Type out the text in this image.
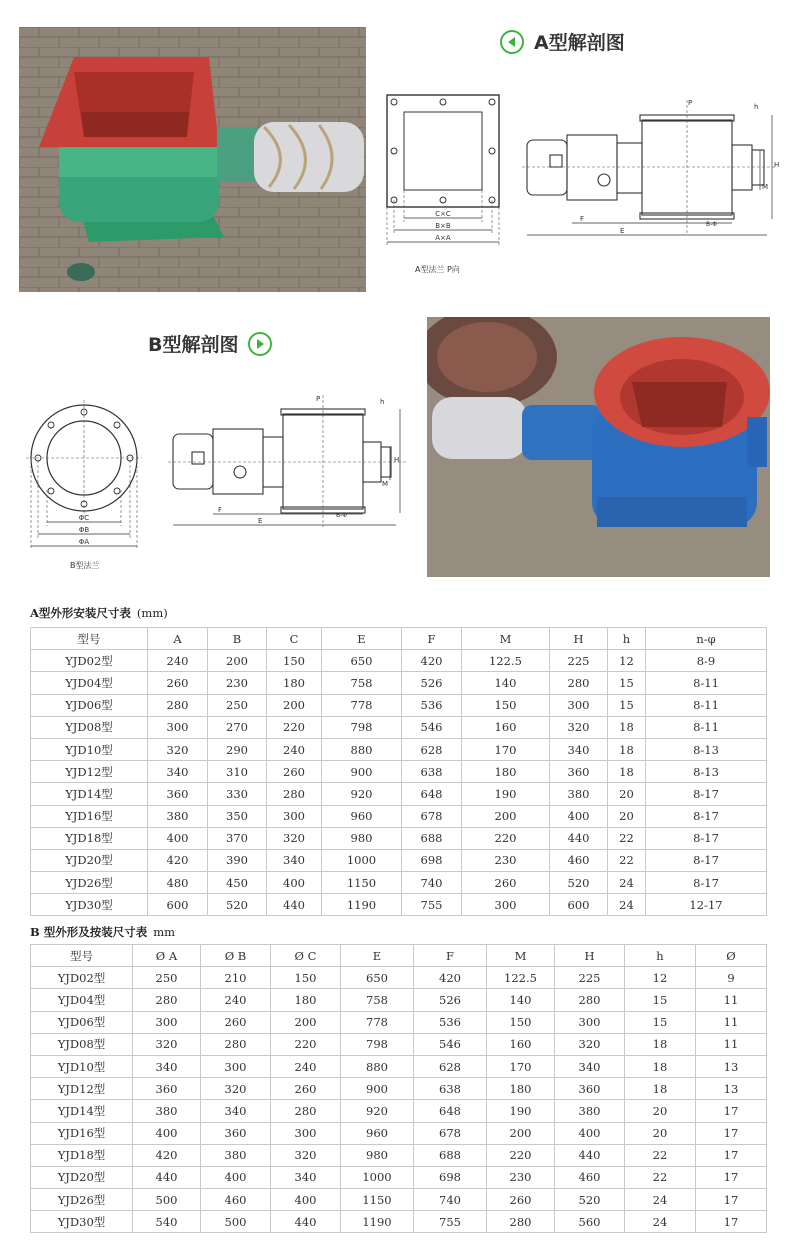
A型解剖图
C×C
B×B
A×A
A型法兰 P向
P
F
E
B-Φ
H
h
M
B型解剖图
ΦC
ΦB
ΦA
B型法兰
P
F
E
B-Φ
H
h
M
A型外形安装尺寸表 (mm)
型号	A	B	C	E	F	M	H	h	n-φ
YJD02型	240	200	150	650	420	122.5	225	12	8-9
YJD04型	260	230	180	758	526	140	280	15	8-11
YJD06型	280	250	200	778	536	150	300	15	8-11
YJD08型	300	270	220	798	546	160	320	18	8-11
YJD10型	320	290	240	880	628	170	340	18	8-13
YJD12型	340	310	260	900	638	180	360	18	8-13
YJD14型	360	330	280	920	648	190	380	20	8-17
YJD16型	380	350	300	960	678	200	400	20	8-17
YJD18型	400	370	320	980	688	220	440	22	8-17
YJD20型	420	390	340	1000	698	230	460	22	8-17
YJD26型	480	450	400	1150	740	260	520	24	8-17
YJD30型	600	520	440	1190	755	300	600	24	12-17
B 型外形及按装尺寸表 mm
型号	Ø A	Ø B	Ø C	E	F	M	H	h	Ø
YJD02型	250	210	150	650	420	122.5	225	12	9
YJD04型	280	240	180	758	526	140	280	15	11
YJD06型	300	260	200	778	536	150	300	15	11
YJD08型	320	280	220	798	546	160	320	18	11
YJD10型	340	300	240	880	628	170	340	18	13
YJD12型	360	320	260	900	638	180	360	18	13
YJD14型	380	340	280	920	648	190	380	20	17
YJD16型	400	360	300	960	678	200	400	20	17
YJD18型	420	380	320	980	688	220	440	22	17
YJD20型	440	400	340	1000	698	230	460	22	17
YJD26型	500	460	400	1150	740	260	520	24	17
YJD30型	540	500	440	1190	755	280	560	24	17
